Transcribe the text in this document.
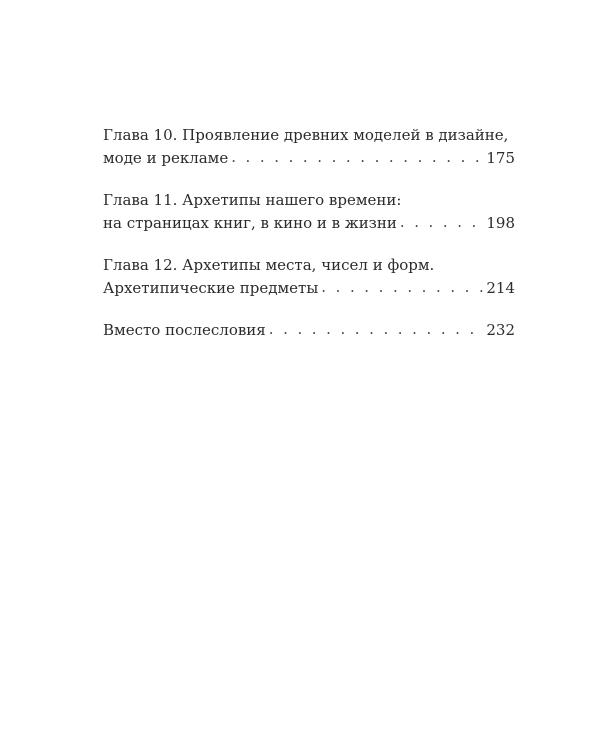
Глава 10. Проявление древних моделей в дизайне,
моде и рекламе . . .	175
Глава 11. Архетипы нашего времени:
на страницах книг, в кино и в жизни . . .	198
Глава 12. Архетипы места, чисел и форм.
Архетипические предметы . . .	214
Вместо послесловия . . .	232
